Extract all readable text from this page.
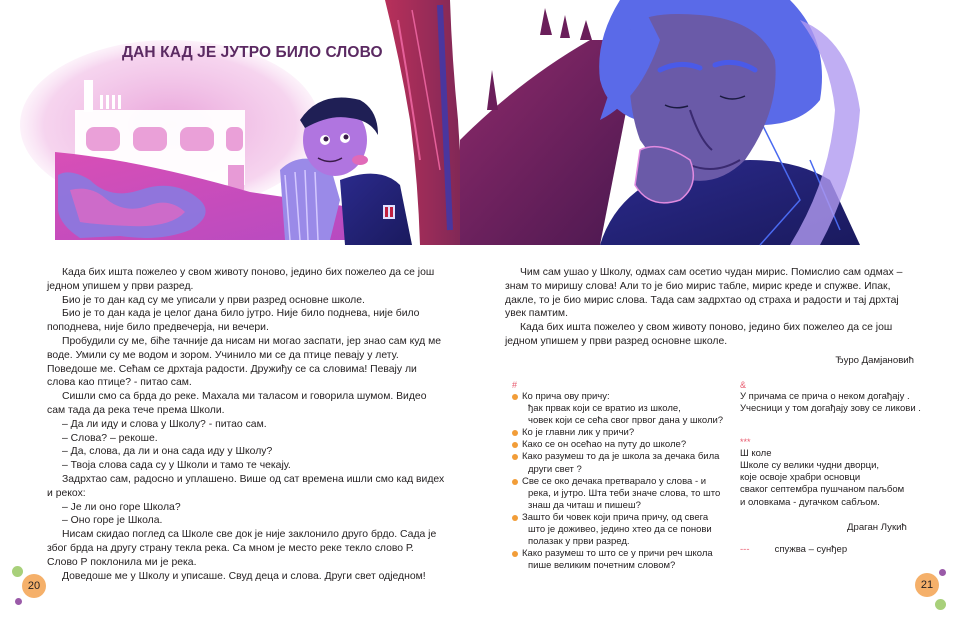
ДАН КАД ЈЕ ЈУТРО БИЛО СЛОВО

Када бих ишта пожелео у свом животу поново, једино бих пожелео да се још једном упишем у први разред.

Био је то дан кад су ме уписали у први разред основне школе.

Био је то дан када је целог дана било јутро. Није било поднева, није било поподнева, није било предвечерја, ни вечери.

Пробудили су ме, бiће тачније да нисам ни могао заспати, јер знао сам куд ме воде. Умили су ме водом и зором. Учинило ми се да птице певају у лету. Поведоше ме. Сећам се дрхтаја радости. Дружиђу се са словима! Певају ли слова као птице? - питао сам.

Сишли смо са брда до реке. Махала ми таласом и говорила шумом. Видео сам тада да река тече према Школи.

– Да ли иду и слова у Школу? - питао сам.

– Слова? – рекоше.

– Да, слова, да ли и она сада иду у Школу?

– Твоја слова сада су у Школи и тамо те чекају.

Задрхтао сам, радосно и уплашено. Више од сат времена ишли смо кад видех и рекох:

– Је ли оно горе Школа?

– Оно горе је Школа.

Нисам скидао поглед са Школе све док је није заклонило друго брдо. Сада је због брда на другу страну текла река. Са мном је место реке текло слово Р. Слово Р поклонила ми је река.

Доведоше ме у Школу и уписаше. Свуд деца и слова. Други свет одједном!

Чим сам ушао у Школу, одмах сам осетио чудан мирис. Помислио сам одмах – знам то миришу слова! Али то је био мирис табле, мирис креде и спужве. Ипак, дакле, то је био мирис слова. Тада сам задрхтао од страха и радости и тај дрхтај увек памтим.

Када бих ишта пожелео у свом животу поново, једино бих пожелео да се још једном упишем у први разред основне школе.

Ђуро Дамјановић
#
Ко прича ову причу:
ђак првак који се вратио из школе,
човек који се сећа свог првог дана у школи?
Ко је главни лик у причи?
Како се он осећао на путу до школе?
Како разумеш то да је школа за дечака била
други свет ?
Све се око дечака претварало у слова - и
река, и јутро. Шта теби значе слова, то што
знаш да читаш и пишеш?
Зашто би човек који прича причу, од свега
што је доживео, једино хтео да се понови
полазак у први разред.
Како разумеш то што се у причи реч школа
пише великим почетним словом?
&
У причама се прича о неком догађају .
Учесници у том догађају зову се ликови .
***
Ш коле
Школе су велики чудни дворци,
које освоје храбри основци
сваког септембра пушчаном паљбом
и оловкама - дугачком сабљом.
Драган Лукић
---	спужва – сунђер
20	21
